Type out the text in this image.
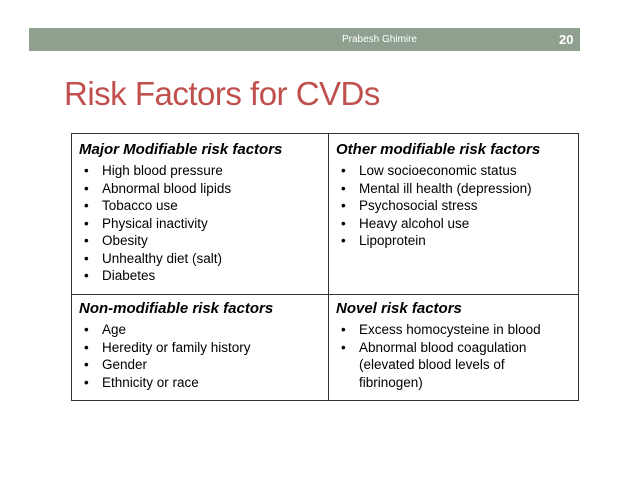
Prabesh Ghimire	20
Risk Factors for CVDs
Major Modifiable risk factors
• High blood pressure
• Abnormal blood lipids
• Tobacco use
• Physical inactivity
• Obesity
• Unhealthy diet (salt)
• Diabetes
Other modifiable risk factors
• Low socioeconomic status
• Mental ill health (depression)
• Psychosocial stress
• Heavy alcohol use
• Lipoprotein
Non-modifiable risk factors
• Age
• Heredity or family history
• Gender
• Ethnicity or race
Novel risk factors
• Excess homocysteine in blood
• Abnormal blood coagulation
(elevated blood levels of
fibrinogen)
